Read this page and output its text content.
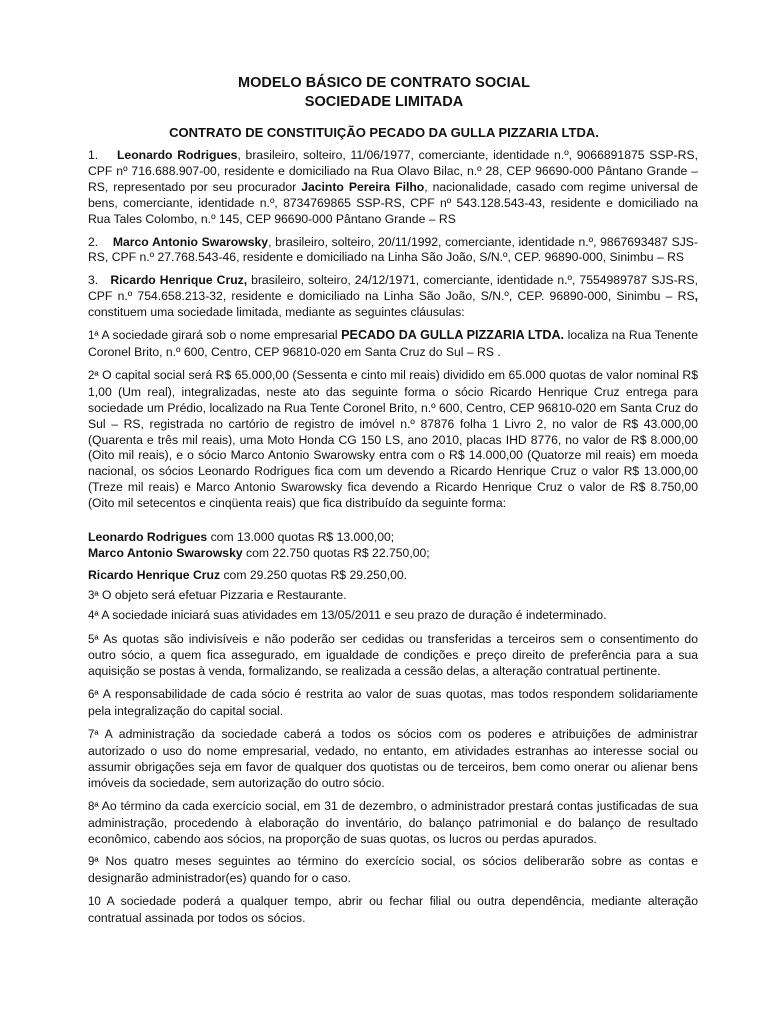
MODELO BÁSICO DE CONTRATO SOCIAL
SOCIEDADE LIMITADA
CONTRATO DE CONSTITUIÇÃO PECADO DA GULLA PIZZARIA LTDA.

1. Leonardo Rodrigues, brasileiro, solteiro, 11/06/1977, comerciante, identidade n.º, 9066891875 SSP-RS, CPF nº 716.688.907-00, residente e domiciliado na Rua Olavo Bilac, n.º 28, CEP 96690-000 Pântano Grande – RS, representado por seu procurador Jacinto Pereira Filho, nacionalidade, casado com regime universal de bens, comerciante, identidade n.º, 8734769865 SSP-RS, CPF nº 543.128.543-43, residente e domiciliado na Rua Tales Colombo, n.º 145, CEP 96690-000 Pântano Grande – RS

2. Marco Antonio Swarowsky, brasileiro, solteiro, 20/11/1992, comerciante, identidade n.º, 9867693487 SJS-RS, CPF n.º 27.768.543-46, residente e domiciliado na Linha São João, S/N.º, CEP. 96890-000, Sinimbu – RS

3. Ricardo Henrique Cruz, brasileiro, solteiro, 24/12/1971, comerciante, identidade n.º, 7554989787 SJS-RS, CPF n.º 754.658.213-32, residente e domiciliado na Linha São João, S/N.º, CEP. 96890-000, Sinimbu – RS, constituem uma sociedade limitada, mediante as seguintes cláusulas:

1ª A sociedade girará sob o nome empresarial PECADO DA GULLA PIZZARIA LTDA. localiza na Rua Tenente Coronel Brito, n.º 600, Centro, CEP 96810-020 em Santa Cruz do Sul – RS .

2ª O capital social será R$ 65.000,00 (Sessenta e cinto mil reais) dividido em 65.000 quotas de valor nominal R$ 1,00 (Um real), integralizadas, neste ato das seguinte forma o sócio Ricardo Henrique Cruz entrega para sociedade um Prédio, localizado na Rua Tente Coronel Brito, n.º 600, Centro, CEP 96810-020 em Santa Cruz do Sul – RS, registrada no cartório de registro de imóvel n.º 87876 folha 1 Livro 2, no valor de R$ 43.000,00 (Quarenta e três mil reais), uma Moto Honda CG 150 LS, ano 2010, placas IHD 8776, no valor de R$ 8.000,00 (Oito mil reais), e o sócio Marco Antonio Swarowsky entra com o R$ 14.000,00 (Quatorze mil reais) em moeda nacional, os sócios Leonardo Rodrigues fica com um devendo a Ricardo Henrique Cruz o valor R$ 13.000,00 (Treze mil reais) e Marco Antonio Swarowsky fica devendo a Ricardo Henrique Cruz o valor de R$ 8.750,00 (Oito mil setecentos e cinqüenta reais) que fica distribuído da seguinte forma:

Leonardo Rodrigues com 13.000 quotas R$ 13.000,00;
Marco Antonio Swarowsky com 22.750 quotas R$ 22.750,00;
Ricardo Henrique Cruz com 29.250 quotas R$ 29.250,00.

3ª O objeto será efetuar Pizzaria e Restaurante.

4ª A sociedade iniciará suas atividades em 13/05/2011 e seu prazo de duração é indeterminado.

5ª As quotas são indivisíveis e não poderão ser cedidas ou transferidas a terceiros sem o consentimento do outro sócio, a quem fica assegurado, em igualdade de condições e preço direito de preferência para a sua aquisição se postas à venda, formalizando, se realizada a cessão delas, a alteração contratual pertinente.

6ª A responsabilidade de cada sócio é restrita ao valor de suas quotas, mas todos respondem solidariamente pela integralização do capital social.

7ª A administração da sociedade caberá a todos os sócios com os poderes e atribuições de administrar autorizado o uso do nome empresarial, vedado, no entanto, em atividades estranhas ao interesse social ou assumir obrigações seja em favor de qualquer dos quotistas ou de terceiros, bem como onerar ou alienar bens imóveis da sociedade, sem autorização do outro sócio.

8ª Ao término da cada exercício social, em 31 de dezembro, o administrador prestará contas justificadas de sua administração, procedendo à elaboração do inventário, do balanço patrimonial e do balanço de resultado econômico, cabendo aos sócios, na proporção de suas quotas, os lucros ou perdas apurados.

9ª Nos quatro meses seguintes ao término do exercício social, os sócios deliberarão sobre as contas e designarão administrador(es) quando for o caso.

10 A sociedade poderá a qualquer tempo, abrir ou fechar filial ou outra dependência, mediante alteração contratual assinada por todos os sócios.
